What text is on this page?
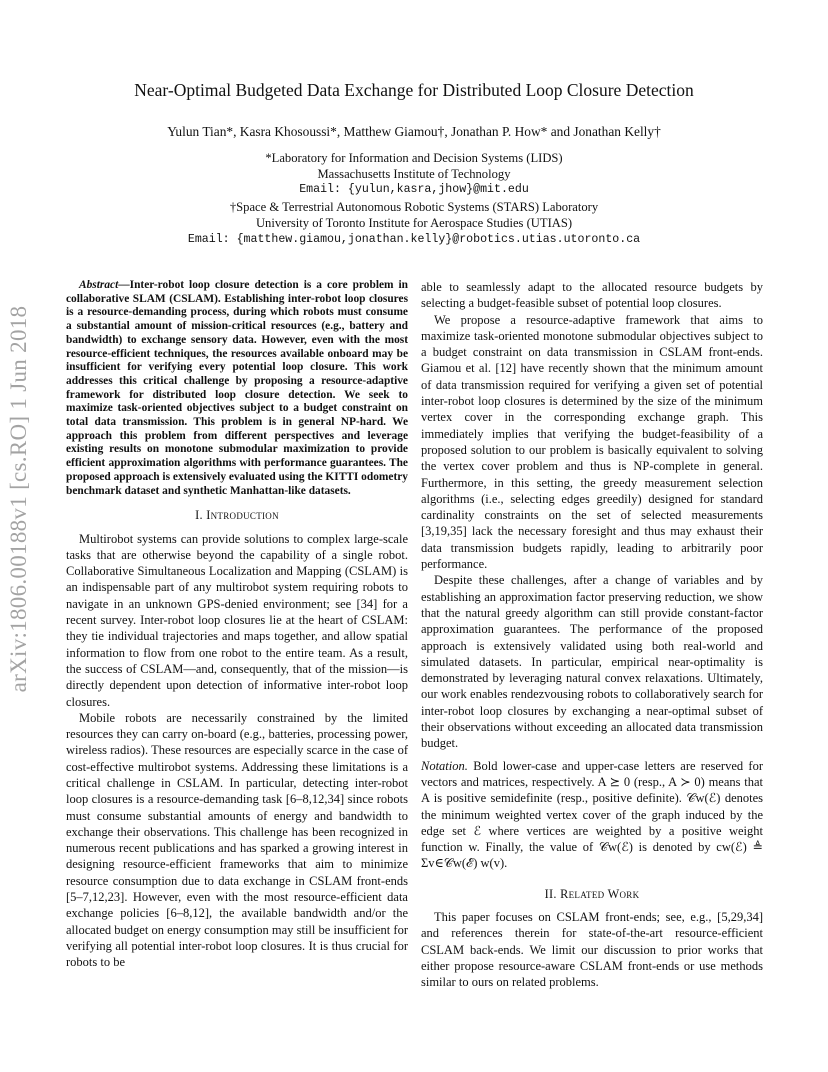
Near-Optimal Budgeted Data Exchange for Distributed Loop Closure Detection
Yulun Tian*, Kasra Khosoussi*, Matthew Giamou†, Jonathan P. How* and Jonathan Kelly†
*Laboratory for Information and Decision Systems (LIDS)
Massachusetts Institute of Technology
Email: {yulun,kasra,jhow}@mit.edu
†Space & Terrestrial Autonomous Robotic Systems (STARS) Laboratory
University of Toronto Institute for Aerospace Studies (UTIAS)
Email: {matthew.giamou,jonathan.kelly}@robotics.utias.utoronto.ca
arXiv:1806.00188v1 [cs.RO] 1 Jun 2018

Abstract—Inter-robot loop closure detection is a core problem in collaborative SLAM (CSLAM). Establishing inter-robot loop closures is a resource-demanding process, during which robots must consume a substantial amount of mission-critical resources (e.g., battery and bandwidth) to exchange sensory data. However, even with the most resource-efficient techniques, the resources available onboard may be insufficient for verifying every potential loop closure. This work addresses this critical challenge by proposing a resource-adaptive framework for distributed loop closure detection. We seek to maximize task-oriented objectives subject to a budget constraint on total data transmission. This problem is in general NP-hard. We approach this problem from different perspectives and leverage existing results on monotone submodular maximization to provide efficient approximation algorithms with performance guarantees. The proposed approach is extensively evaluated using the KITTI odometry benchmark dataset and synthetic Manhattan-like datasets.

I. Introduction

Multirobot systems can provide solutions to complex large-scale tasks that are otherwise beyond the capability of a single robot. Collaborative Simultaneous Localization and Mapping (CSLAM) is an indispensable part of any multirobot system requiring robots to navigate in an unknown GPS-denied environment; see [34] for a recent survey. Inter-robot loop closures lie at the heart of CSLAM: they tie individual trajectories and maps together, and allow spatial information to flow from one robot to the entire team. As a result, the success of CSLAM—and, consequently, that of the mission—is directly dependent upon detection of informative inter-robot loop closures.

Mobile robots are necessarily constrained by the limited resources they can carry on-board (e.g., batteries, processing power, wireless radios). These resources are especially scarce in the case of cost-effective multirobot systems. Addressing these limitations is a critical challenge in CSLAM. In particular, detecting inter-robot loop closures is a resource-demanding task [6–8,12,34] since robots must consume substantial amounts of energy and bandwidth to exchange their observations. This challenge has been recognized in numerous recent publications and has sparked a growing interest in designing resource-efficient frameworks that aim to minimize resource consumption due to data exchange in CSLAM front-ends [5–7,12,23]. However, even with the most resource-efficient data exchange policies [6–8,12], the available bandwidth and/or the allocated budget on energy consumption may still be insufficient for verifying all potential inter-robot loop closures. It is thus crucial for robots to be

able to seamlessly adapt to the allocated resource budgets by selecting a budget-feasible subset of potential loop closures.

We propose a resource-adaptive framework that aims to maximize task-oriented monotone submodular objectives subject to a budget constraint on data transmission in CSLAM front-ends. Giamou et al. [12] have recently shown that the minimum amount of data transmission required for verifying a given set of potential inter-robot loop closures is determined by the size of the minimum vertex cover in the corresponding exchange graph. This immediately implies that verifying the budget-feasibility of a proposed solution to our problem is basically equivalent to solving the vertex cover problem and thus is NP-complete in general. Furthermore, in this setting, the greedy measurement selection algorithms (i.e., selecting edges greedily) designed for standard cardinality constraints on the set of selected measurements [3,19,35] lack the necessary foresight and thus may exhaust their data transmission budgets rapidly, leading to arbitrarily poor performance.

Despite these challenges, after a change of variables and by establishing an approximation factor preserving reduction, we show that the natural greedy algorithm can still provide constant-factor approximation guarantees. The performance of the proposed approach is extensively validated using both real-world and simulated datasets. In particular, empirical near-optimality is demonstrated by leveraging natural convex relaxations. Ultimately, our work enables rendezvousing robots to collaboratively search for inter-robot loop closures by exchanging a near-optimal subset of their observations without exceeding an allocated data transmission budget.

Notation. Bold lower-case and upper-case letters are reserved for vectors and matrices, respectively. A ⪰ 0 (resp., A ≻ 0) means that A is positive semidefinite (resp., positive definite). 𝒞w(ℰ) denotes the minimum weighted vertex cover of the graph induced by the edge set ℰ where vertices are weighted by a positive weight function w. Finally, the value of 𝒞w(ℰ) is denoted by cw(ℰ) ≜ Σv∈𝒞w(ℰ) w(v).

II. Related Work

This paper focuses on CSLAM front-ends; see, e.g., [5,29,34] and references therein for state-of-the-art resource-efficient CSLAM back-ends. We limit our discussion to prior works that either propose resource-aware CSLAM front-ends or use methods similar to ours on related problems.
